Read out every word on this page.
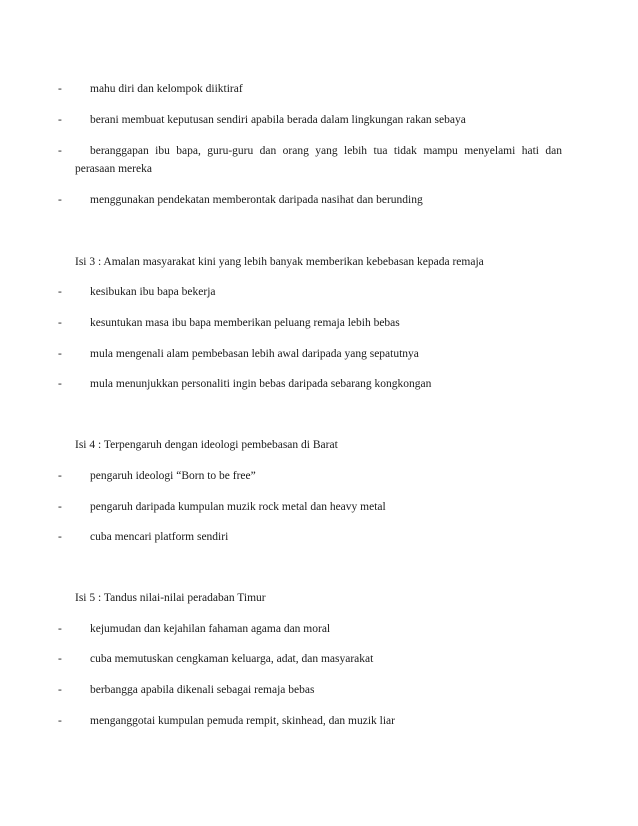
- mahu diri dan kelompok diiktiraf
- berani membuat keputusan sendiri apabila berada dalam lingkungan rakan sebaya
- beranggapan ibu bapa, guru-guru dan orang yang lebih tua tidak mampu menyelami hati dan
perasaan mereka
- menggunakan pendekatan memberontak daripada nasihat dan berunding
Isi 3 : Amalan masyarakat kini yang lebih banyak memberikan kebebasan kepada remaja
- kesibukan ibu bapa bekerja
- kesuntukan masa ibu bapa memberikan peluang remaja lebih bebas
- mula mengenali alam pembebasan lebih awal daripada yang sepatutnya
- mula menunjukkan personaliti ingin bebas daripada sebarang kongkongan
Isi 4 : Terpengaruh dengan ideologi pembebasan di Barat
- pengaruh ideologi “Born to be free”
- pengaruh daripada kumpulan muzik rock metal dan heavy metal
- cuba mencari platform sendiri
Isi 5 : Tandus nilai-nilai peradaban Timur
- kejumudan dan kejahilan fahaman agama dan moral
- cuba memutuskan cengkaman keluarga, adat, dan masyarakat
- berbangga apabila dikenali sebagai remaja bebas
- menganggotai kumpulan pemuda rempit, skinhead, dan muzik liar
